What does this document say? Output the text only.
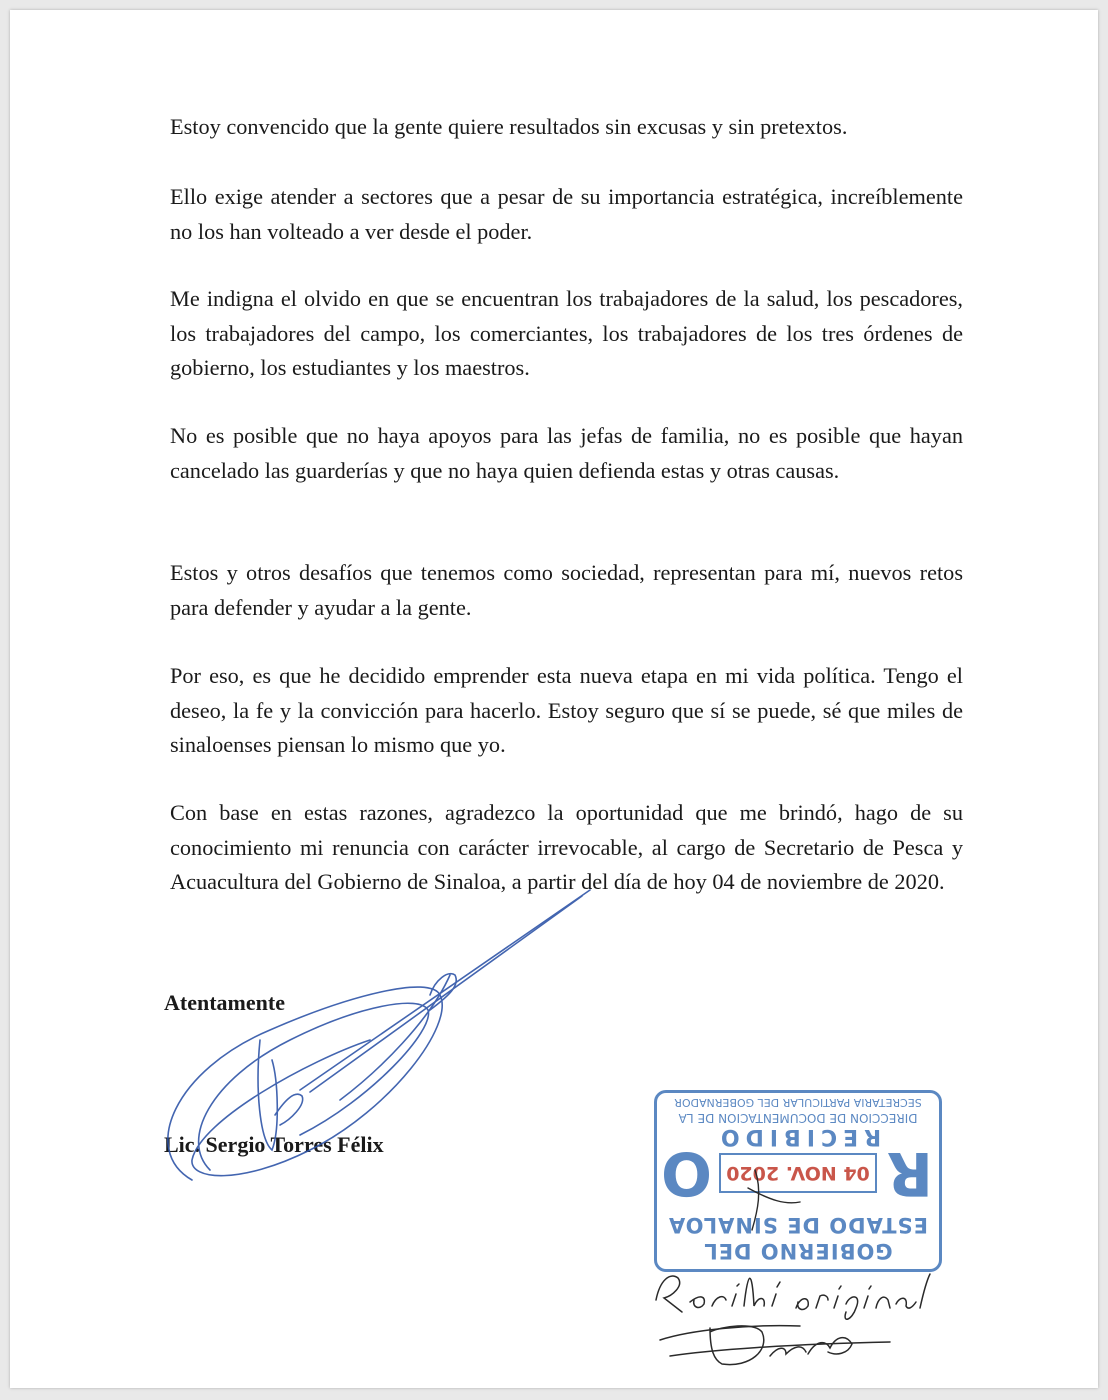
Estoy convencido que la gente quiere resultados sin excusas y sin pretextos.

Ello exige atender a sectores que a pesar de su importancia estratégica, increíblemente no los han volteado a ver desde el poder.

Me indigna el olvido en que se encuentran los trabajadores de la salud, los pescadores, los trabajadores del campo, los comerciantes, los trabajadores de los tres órdenes de gobierno, los estudiantes y los maestros.

No es posible que no haya apoyos para las jefas de familia, no es posible que hayan cancelado las guarderías y que no haya quien defienda estas y otras causas.

Estos y otros desafíos que tenemos como sociedad, representan para mí, nuevos retos para defender y ayudar a la gente.

Por eso, es que he decidido emprender esta nueva etapa en mi vida política. Tengo el deseo, la fe y la convicción para hacerlo. Estoy seguro que sí se puede, sé que miles de sinaloenses piensan lo mismo que yo.

Con base en estas razones, agradezco la oportunidad que me brindó, hago de su conocimiento mi renuncia con carácter irrevocable, al cargo de Secretario de Pesca y Acuacultura del Gobierno de Sinaloa, a partir del día de hoy 04 de noviembre de 2020.

Atentamente

Lic. Sergio Torres Félix

GOBIERNO DEL
ESTADO DE SINALOA
R
04 NOV. 2020
O
RECIBIDO
DIRECCION DE DOCUMENTACION DE LA
SECRETARIA PARTICULAR DEL GOBERNADOR
